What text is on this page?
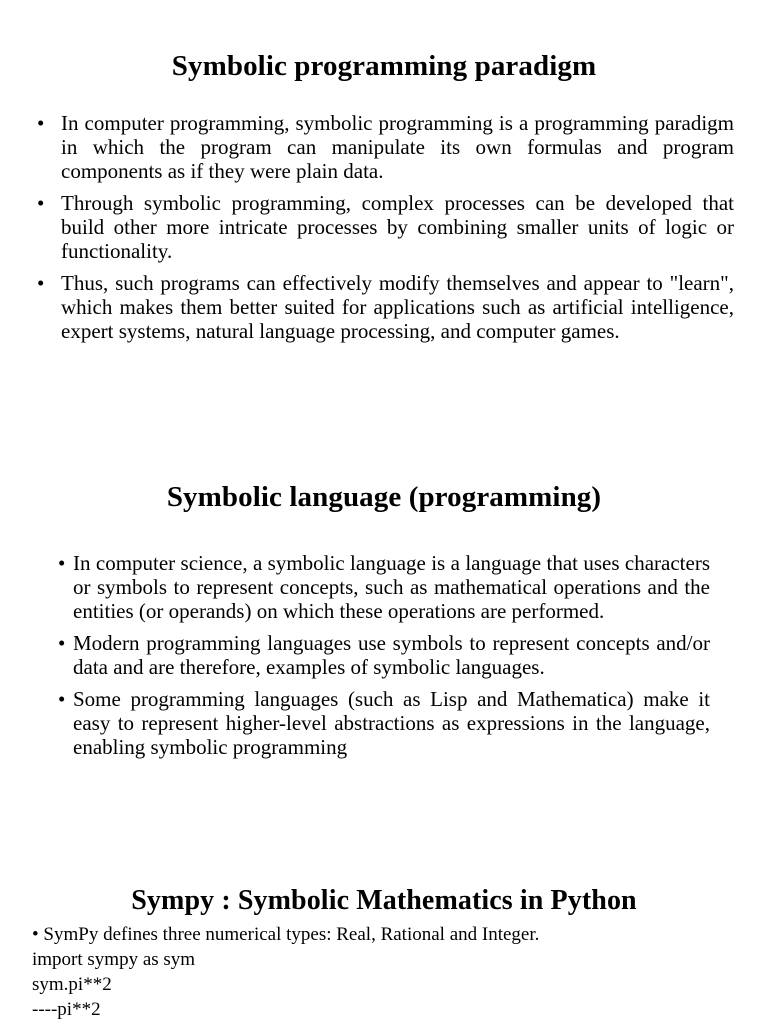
Symbolic programming paradigm
• In computer programming, symbolic programming is a programming paradigm in which the program can manipulate its own formulas and program components as if they were plain data.
• Through symbolic programming, complex processes can be developed that build other more intricate processes by combining smaller units of logic or functionality.
• Thus, such programs can effectively modify themselves and appear to "learn", which makes them better suited for applications such as artificial intelligence, expert systems, natural language processing, and computer games.
Symbolic language (programming)
• In computer science, a symbolic language is a language that uses characters or symbols to represent concepts, such as mathematical operations and the entities (or operands) on which these operations are performed.
• Modern programming languages use symbols to represent concepts and/or data and are therefore, examples of symbolic languages.
• Some programming languages (such as Lisp and Mathematica) make it easy to represent higher-level abstractions as expressions in the language, enabling symbolic programming
Sympy : Symbolic Mathematics in Python
• SymPy defines three numerical types: Real, Rational and Integer.
import sympy as sym
sym.pi**2
----pi**2
